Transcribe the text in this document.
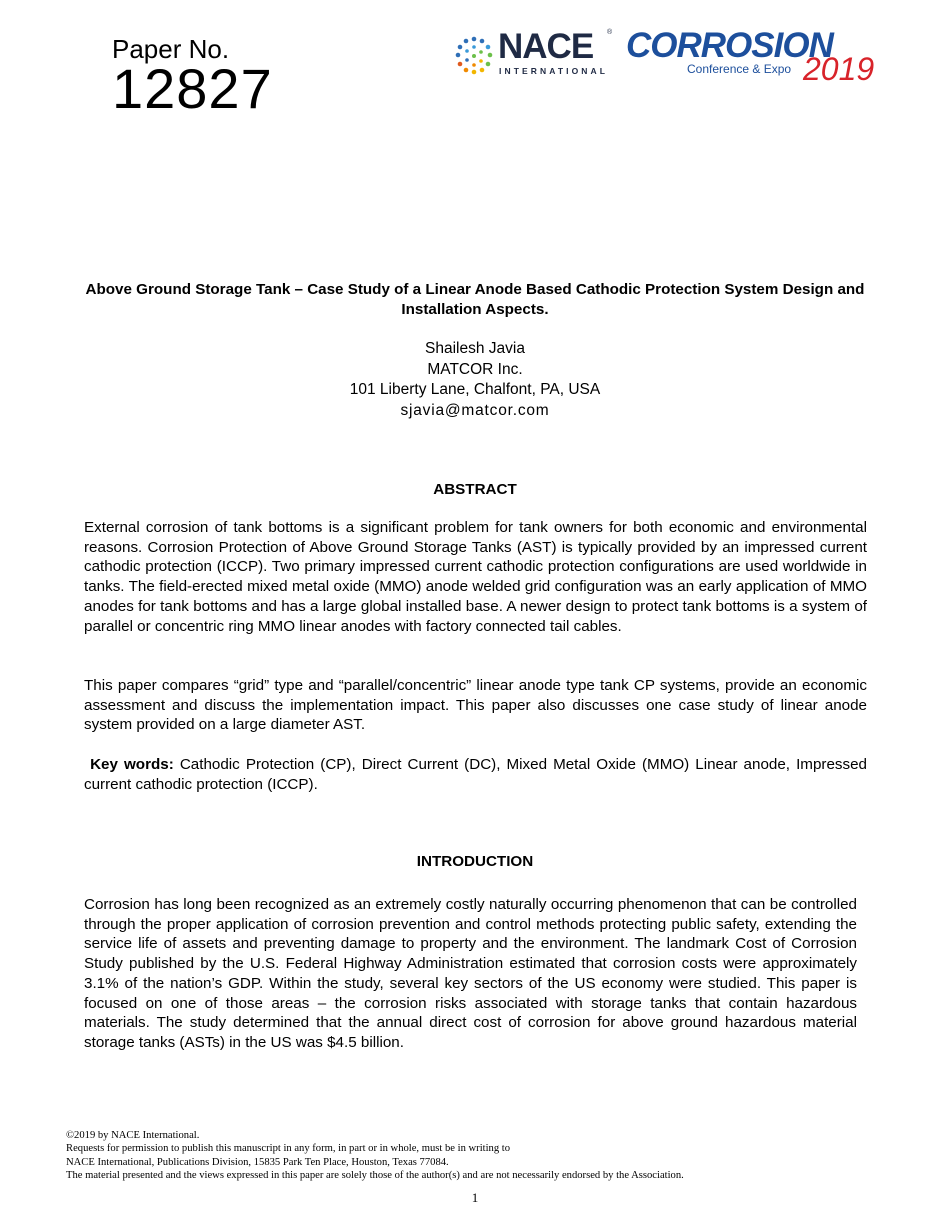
Paper No.
12827
NACE ®
INTERNATIONAL
CORROSION
Conference & Expo 2019
Above Ground Storage Tank – Case Study of a Linear Anode Based Cathodic Protection System Design and Installation Aspects.
Shailesh Javia
MATCOR Inc.
101 Liberty Lane, Chalfont, PA, USA
sjavia@matcor.com
ABSTRACT
External corrosion of tank bottoms is a significant problem for tank owners for both economic and environmental reasons. Corrosion Protection of Above Ground Storage Tanks (AST) is typically provided by an impressed current cathodic protection (ICCP). Two primary impressed current cathodic protection configurations are used worldwide in tanks. The field-erected mixed metal oxide (MMO) anode welded grid configuration was an early application of MMO anodes for tank bottoms and has a large global installed base. A newer design to protect tank bottoms is a system of parallel or concentric ring MMO linear anodes with factory connected tail cables.
This paper compares “grid” type and “parallel/concentric” linear anode type tank CP systems, provide an economic assessment and discuss the implementation impact. This paper also discusses one case study of linear anode system provided on a large diameter AST.
Key words: Cathodic Protection (CP), Direct Current (DC), Mixed Metal Oxide (MMO) Linear anode, Impressed current cathodic protection (ICCP).
INTRODUCTION
Corrosion has long been recognized as an extremely costly naturally occurring phenomenon that can be controlled through the proper application of corrosion prevention and control methods protecting public safety, extending the service life of assets and preventing damage to property and the environment. The landmark Cost of Corrosion Study published by the U.S. Federal Highway Administration estimated that corrosion costs were approximately 3.1% of the nation’s GDP. Within the study, several key sectors of the US economy were studied. This paper is focused on one of those areas – the corrosion risks associated with storage tanks that contain hazardous materials. The study determined that the annual direct cost of corrosion for above ground hazardous material storage tanks (ASTs) in the US was $4.5 billion.
©2019 by NACE International.
Requests for permission to publish this manuscript in any form, in part or in whole, must be in writing to
NACE International, Publications Division, 15835 Park Ten Place, Houston, Texas 77084.
The material presented and the views expressed in this paper are solely those of the author(s) and are not necessarily endorsed by the Association.
1
